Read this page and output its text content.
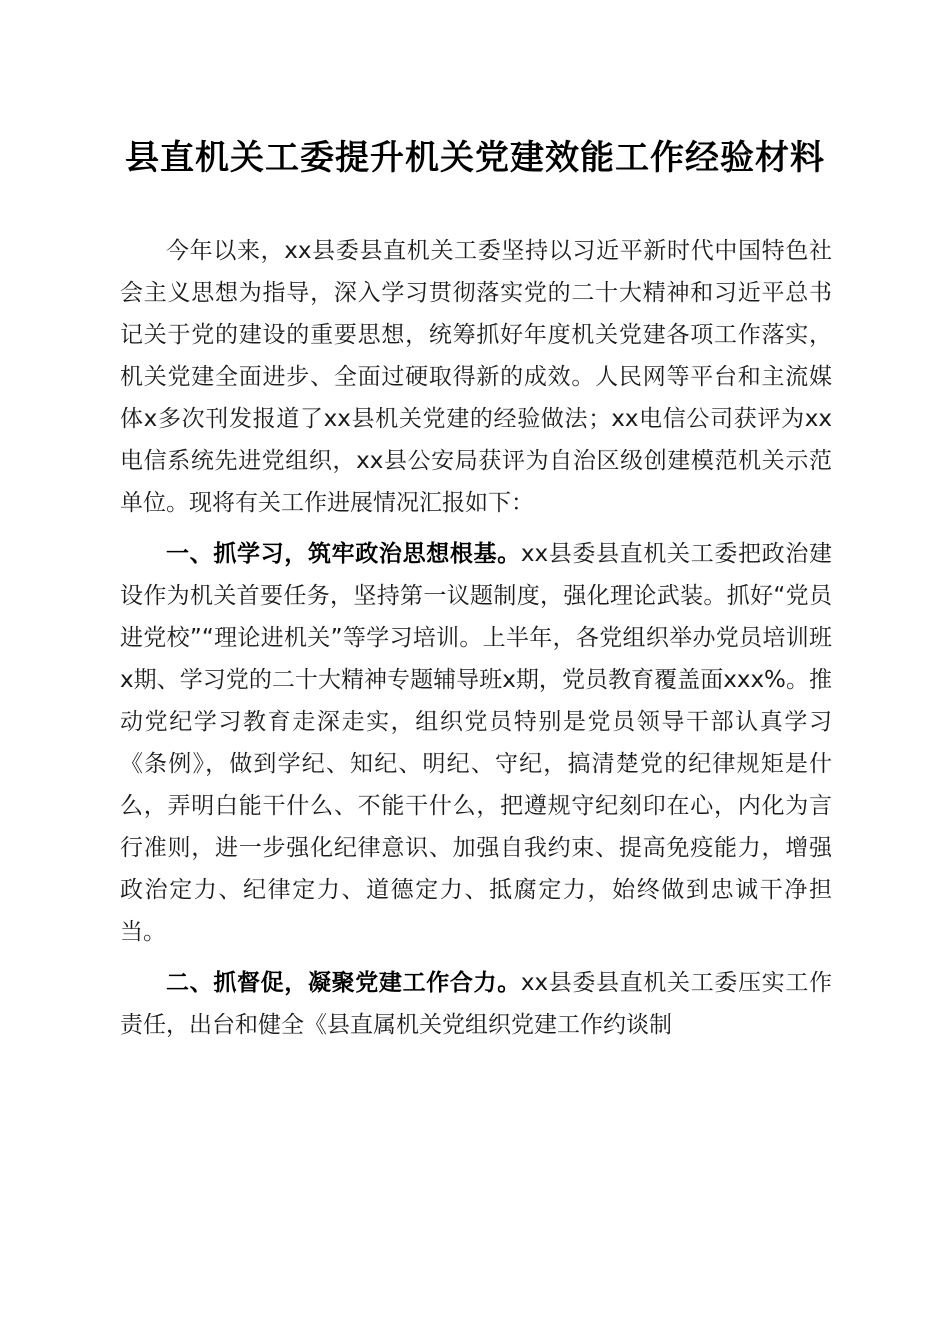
县直机关工委提升机关党建效能工作经验材料

今年以来，xx县委县直机关工委坚持以习近平新时代中国特色社会主义思想为指导，深入学习贯彻落实党的二十大精神和习近平总书记关于党的建设的重要思想，统筹抓好年度机关党建各项工作落实，机关党建全面进步、全面过硬取得新的成效。人民网等平台和主流媒体x多次刊发报道了xx县机关党建的经验做法；xx电信公司获评为xx电信系统先进党组织，xx县公安局获评为自治区级创建模范机关示范单位。现将有关工作进展情况汇报如下：

一、抓学习，筑牢政治思想根基。xx县委县直机关工委把政治建设作为机关首要任务，坚持第一议题制度，强化理论武装。抓好“党员进党校”“理论进机关”等学习培训。上半年，各党组织举办党员培训班x期、学习党的二十大精神专题辅导班x期，党员教育覆盖面xxx%。推动党纪学习教育走深走实，组织党员特别是党员领导干部认真学习《条例》，做到学纪、知纪、明纪、守纪，搞清楚党的纪律规矩是什么，弄明白能干什么、不能干什么，把遵规守纪刻印在心，内化为言行准则，进一步强化纪律意识、加强自我约束、提高免疫能力，增强政治定力、纪律定力、道德定力、抵腐定力，始终做到忠诚干净担当。

二、抓督促，凝聚党建工作合力。xx县委县直机关工委压实工作责任，出台和健全《县直属机关党组织党建工作约谈制
